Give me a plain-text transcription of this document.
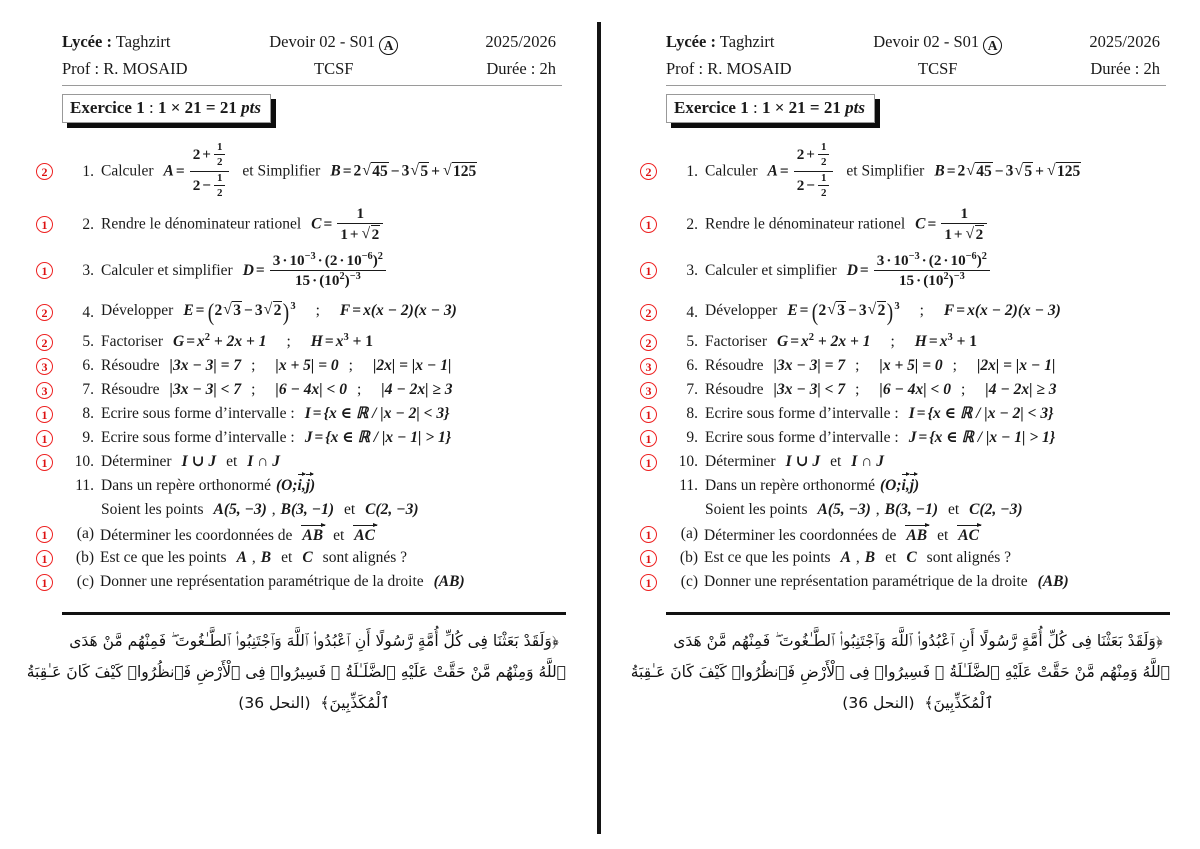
Lycée : Taghzirt	Devoir 02 - S01 A	2025/2026
Prof : R. MOSAID	TCSF	Durée : 2h
Exercice 1 : 1 × 21 = 21 pts
2	1. Calculer $A = \frac{2 + \frac{1}{2}}{2 - \frac{1}{2}}$ et Simplifier B = 2 √ 45 − 3 √ 5 + √ 125
1	2. Rendre le dénominateur rationel $C = \frac{1}{1 + √ 2}$
1	3. Calculer et simplifier $D = \frac{3 \cdot 10^{-3} \cdot (2 \cdot 10^{-6})^2}{15 \cdot (10^2)^{-3}}$
2	4. Développer E = (2 √ 3 − 3 √ 2)$^3$ ; F = x(x − 2)(x − 3)
2	5. Factoriser $G = x^2 + 2x + 1$ ; $H = x^3 + 1$
3	6. Résoudre |3x − 3| = 7 ; |x + 5| = 0 ; |2x| = |x − 1|
3	7. Résoudre |3x − 3| < 7 ; |6 − 4x| < 0 ; |4 − 2x| ≥ 3
1	8. Ecrire sous forme d’intervalle : I = {x ∈ ℝ / |x − 2| < 3}
1	9. Ecrire sous forme d’intervalle : J = {x ∈ ℝ / |x − 1| > 1}
1	10. Déterminer I ∪ J et I ∩ J
11. Dans un repère orthonormé (O;
i,
j)
Soient les points A(5, −3) , B(3, −1) et C(2, −3)
1	(a) Déterminer les coordonnées de AB et AC
1	(b) Est ce que les points A , B et C sont alignés ?
1	(c) Donner une représentation paramétrique de la droite (AB)
﴿وَلَقَدْ بَعَثْنَا فِى كُلِّ أُمَّةٍ رَّسُولًا أَنِ ٱعْبُدُوا۟ ٱللَّهَ وَٱجْتَنِبُوا۟ ٱلطَّـٰغُوتَ ۖ فَمِنْهُم مَّنْ هَدَى
ٱللَّهُ وَمِنْهُم مَّنْ حَقَّتْ عَلَيْهِ ٱلضَّلَـٰلَةُ ۚ فَسِيرُوا۟ فِى ٱلْأَرْضِ فَٱنظُرُوا۟ كَيْفَ كَانَ عَـٰقِبَةُ
ٱلْمُكَذِّبِينَ﴾  (النحل 36)
Lycée : Taghzirt	Devoir 02 - S01 A	2025/2026
Prof : R. MOSAID	TCSF	Durée : 2h
Exercice 1 : 1 × 21 = 21 pts
2	1. Calculer $A = \frac{2 + \frac{1}{2}}{2 - \frac{1}{2}}$ et Simplifier B = 2 √ 45 − 3 √ 5 + √ 125
1	2. Rendre le dénominateur rationel $C = \frac{1}{1 + √ 2}$
1	3. Calculer et simplifier $D = \frac{3 \cdot 10^{-3} \cdot (2 \cdot 10^{-6})^2}{15 \cdot (10^2)^{-3}}$
2	4. Développer E = (2 √ 3 − 3 √ 2)$^3$ ; F = x(x − 2)(x − 3)
2	5. Factoriser $G = x^2 + 2x + 1$ ; $H = x^3 + 1$
3	6. Résoudre |3x − 3| = 7 ; |x + 5| = 0 ; |2x| = |x − 1|
3	7. Résoudre |3x − 3| < 7 ; |6 − 4x| < 0 ; |4 − 2x| ≥ 3
1	8. Ecrire sous forme d’intervalle : I = {x ∈ ℝ / |x − 2| < 3}
1	9. Ecrire sous forme d’intervalle : J = {x ∈ ℝ / |x − 1| > 1}
1	10. Déterminer I ∪ J et I ∩ J
11. Dans un repère orthonormé (O;
i,
j)
Soient les points A(5, −3) , B(3, −1) et C(2, −3)
1	(a) Déterminer les coordonnées de AB et AC
1	(b) Est ce que les points A , B et C sont alignés ?
1	(c) Donner une représentation paramétrique de la droite (AB)
﴿وَلَقَدْ بَعَثْنَا فِى كُلِّ أُمَّةٍ رَّسُولًا أَنِ ٱعْبُدُوا۟ ٱللَّهَ وَٱجْتَنِبُوا۟ ٱلطَّـٰغُوتَ ۖ فَمِنْهُم مَّنْ هَدَى
ٱللَّهُ وَمِنْهُم مَّنْ حَقَّتْ عَلَيْهِ ٱلضَّلَـٰلَةُ ۚ فَسِيرُوا۟ فِى ٱلْأَرْضِ فَٱنظُرُوا۟ كَيْفَ كَانَ عَـٰقِبَةُ
ٱلْمُكَذِّبِينَ﴾  (النحل 36)
